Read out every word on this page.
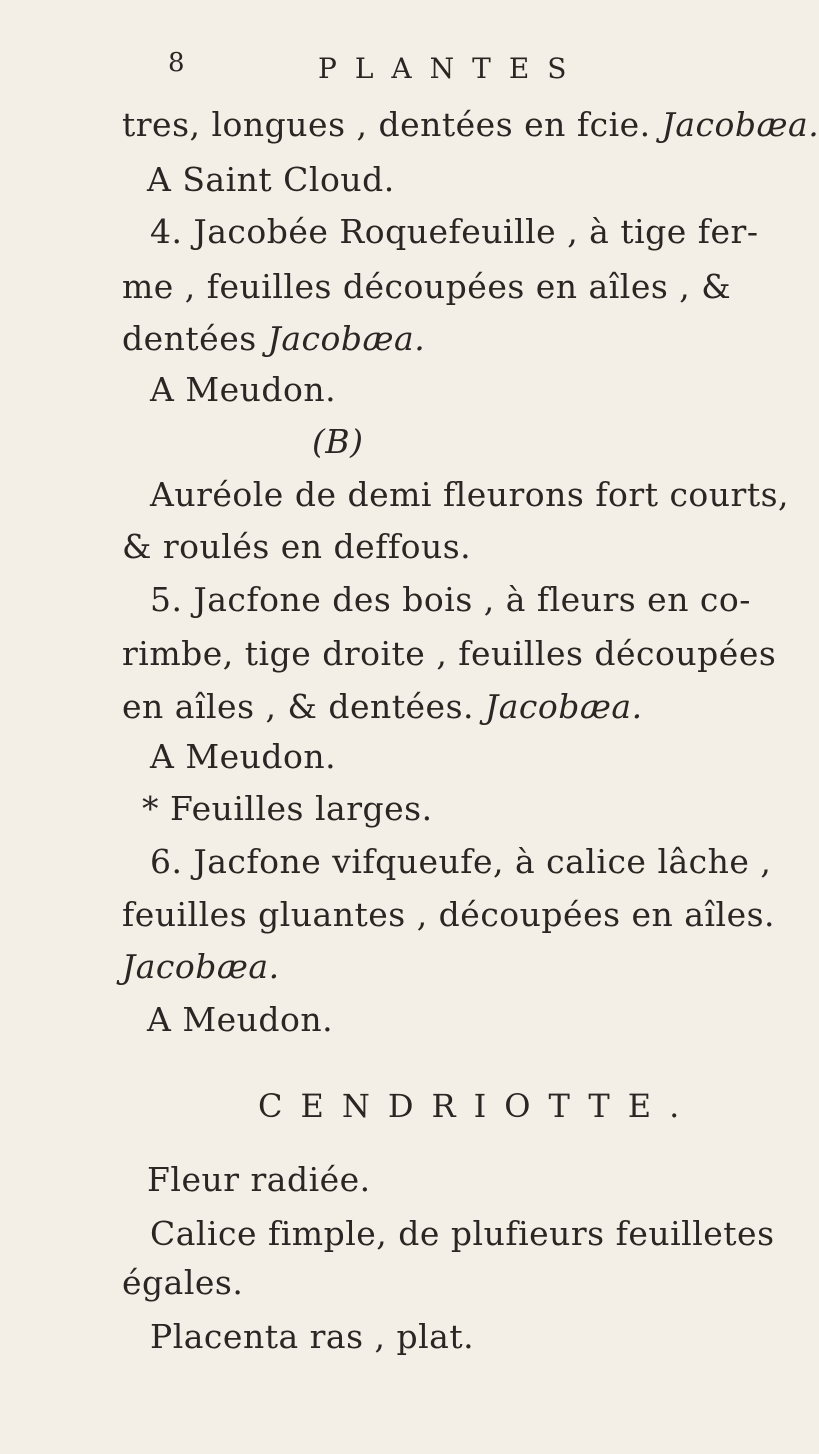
8	PLANTES
tres, longues , dentées en fcie. Jacobæa.
A Saint Cloud.
4. Jacobée Roquefeuille , à tige fer-
me , feuilles découpées en aîles , &
dentées Jacobæa.
A Meudon.
(B)
Auréole de demi fleurons fort courts,
& roulés en deffous.
5. Jacfone des bois , à fleurs en co-
rimbe, tige droite , feuilles découpées
en aîles , & dentées. Jacobæa.
A Meudon.
* Feuilles larges.
6. Jacfone vifqueufe, à calice lâche ,
feuilles gluantes , découpées en aîles.
Jacobæa.
A Meudon.
CENDRIOTTE.
Fleur radiée.
Calice fimple, de plufieurs feuilletes
égales.
Placenta ras , plat.
